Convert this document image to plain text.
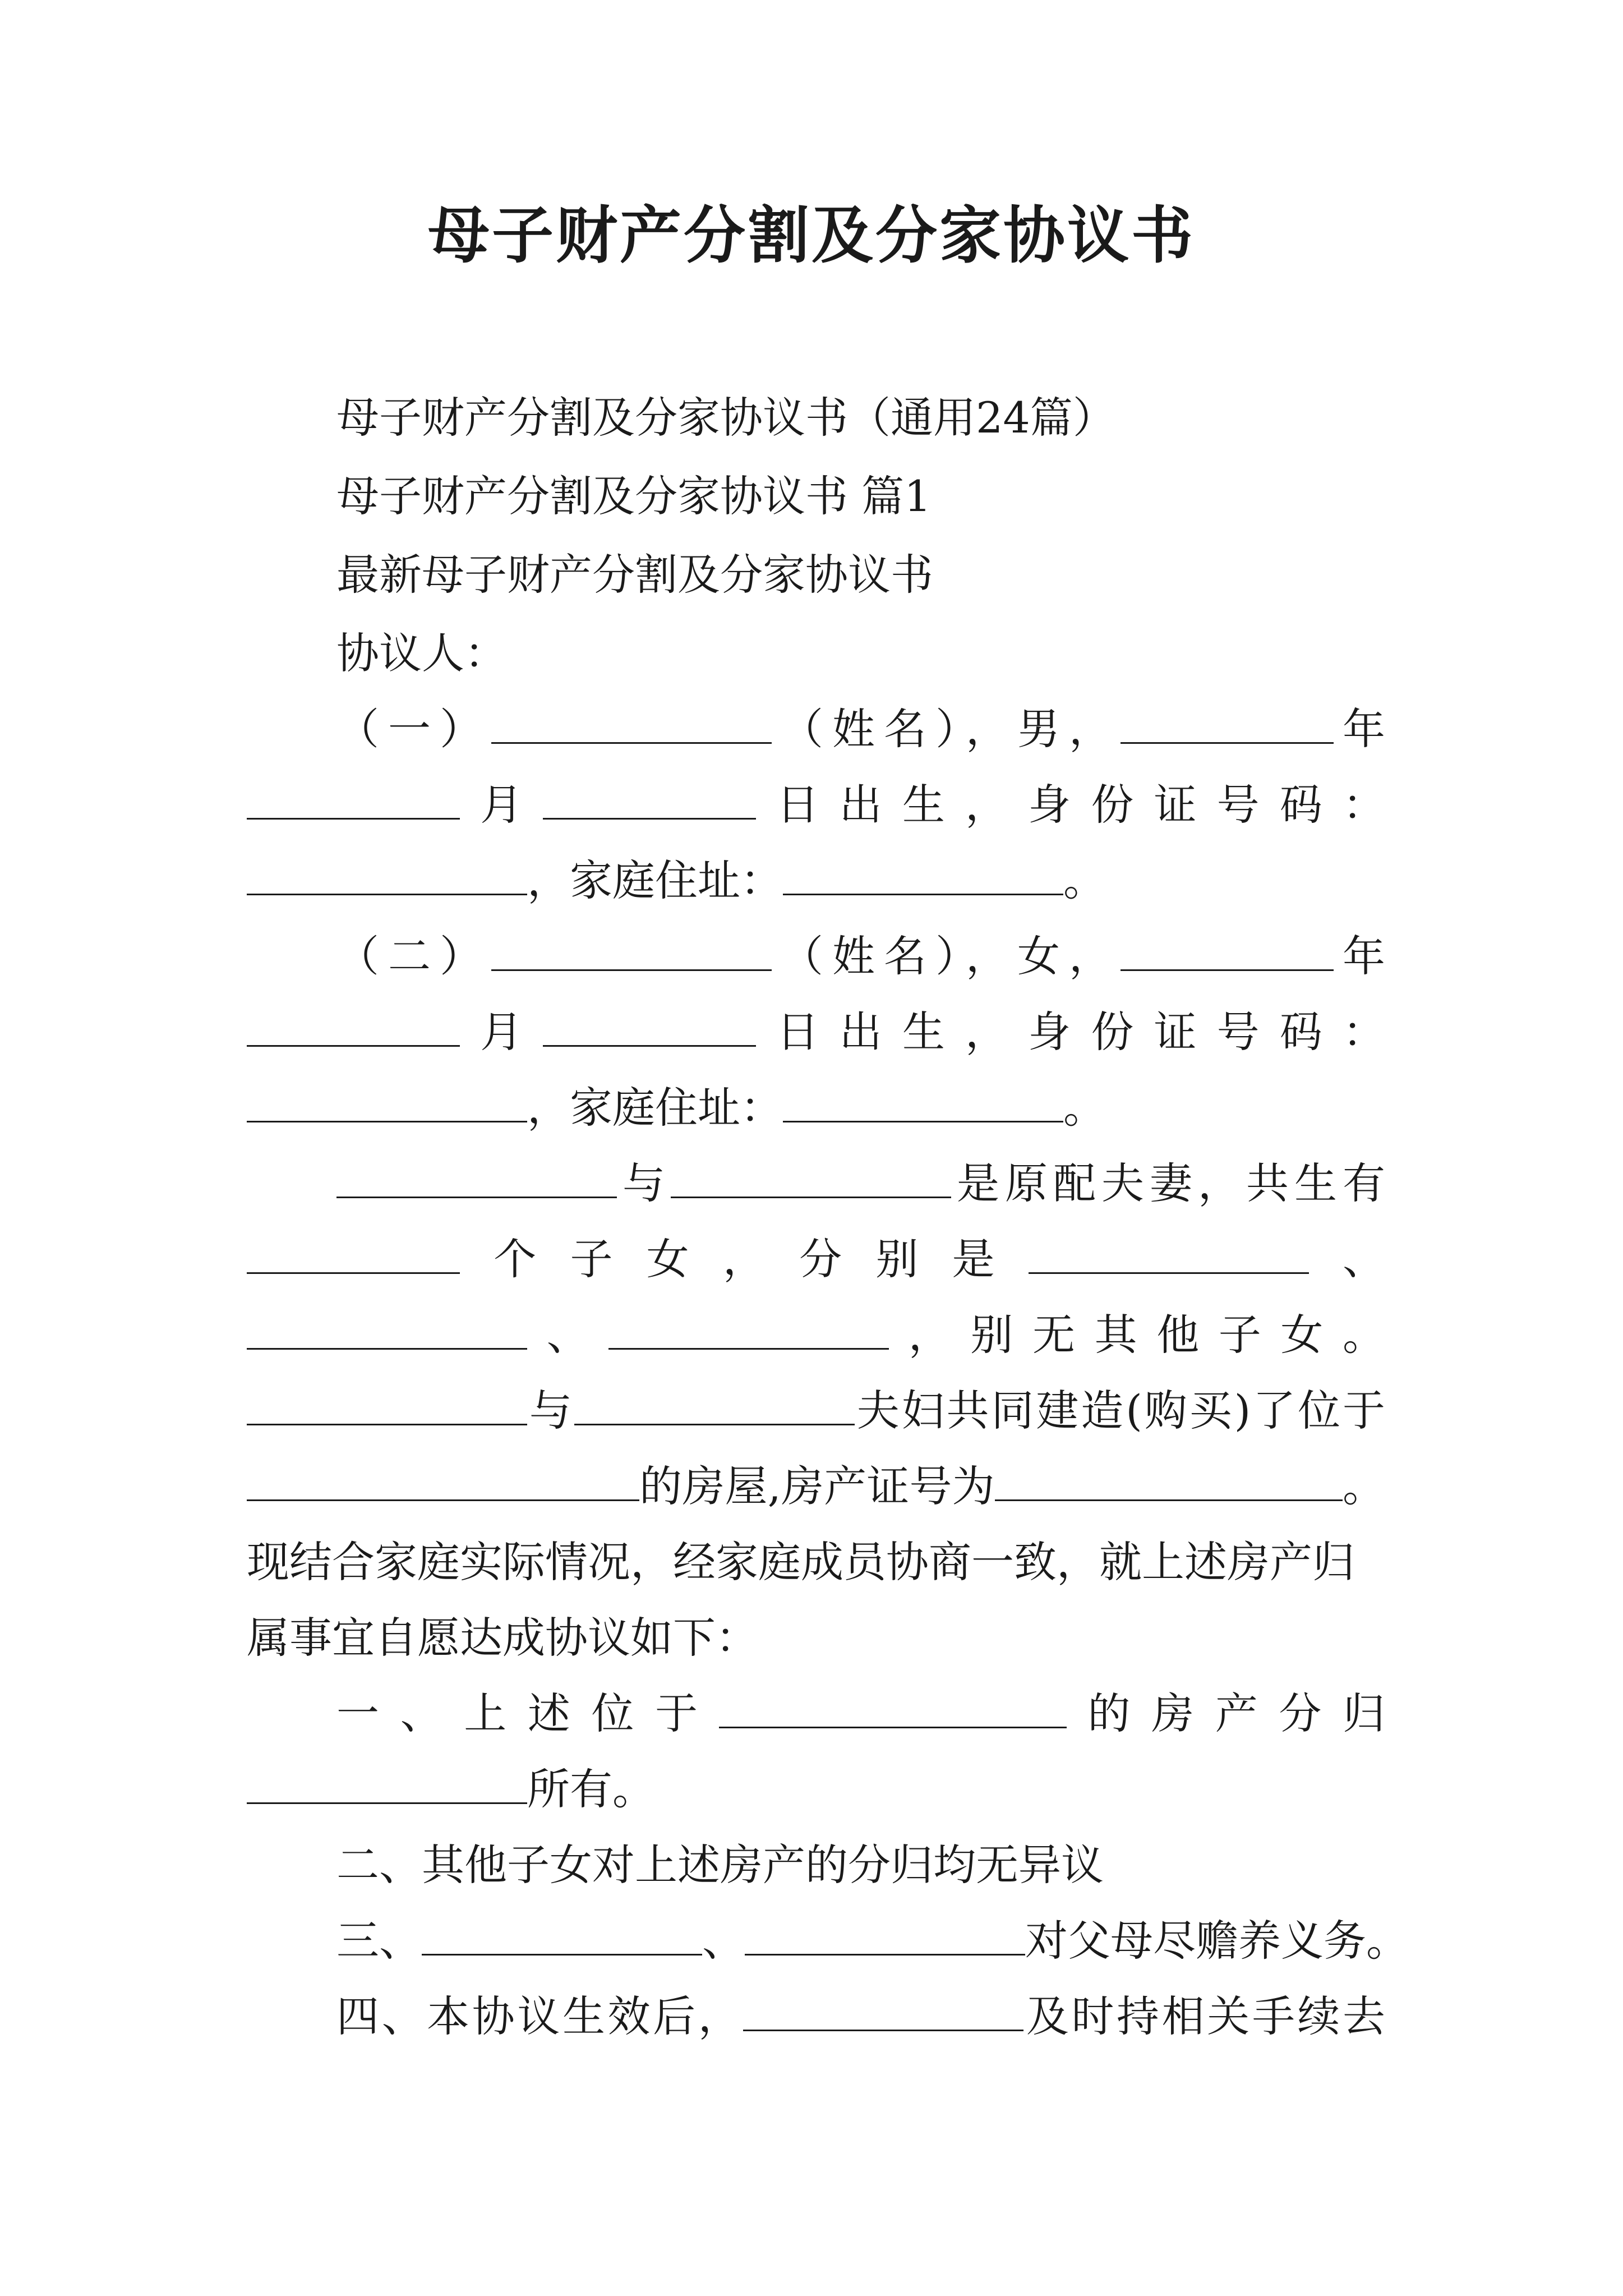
母子财产分割及分家协议书
母子财产分割及分家协议书（通用24篇）
母子财产分割及分家协议书 篇1
最新母子财产分割及分家协议书
协议人：
（一）	（姓名），男，	年
月	日出生，身份证号码：
，家庭住址：	。
（二）	（姓名），女，	年
月	日出生，身份证号码：
，家庭住址：	。
与	是原配夫妻，共生有
个子女，分别是	、
、	，别无其他子女。
与	夫妇共同建造(购买)了位于
的房屋,房产证号为	。
现结合家庭实际情况，经家庭成员协商一致，就上述房产归
属事宜自愿达成协议如下：
一、上述位于	的房产分归
所有。
二、其他子女对上述房产的分归均无异议
三、	、	对父母尽赡养义务。
四、本协议生效后，	及时持相关手续去
